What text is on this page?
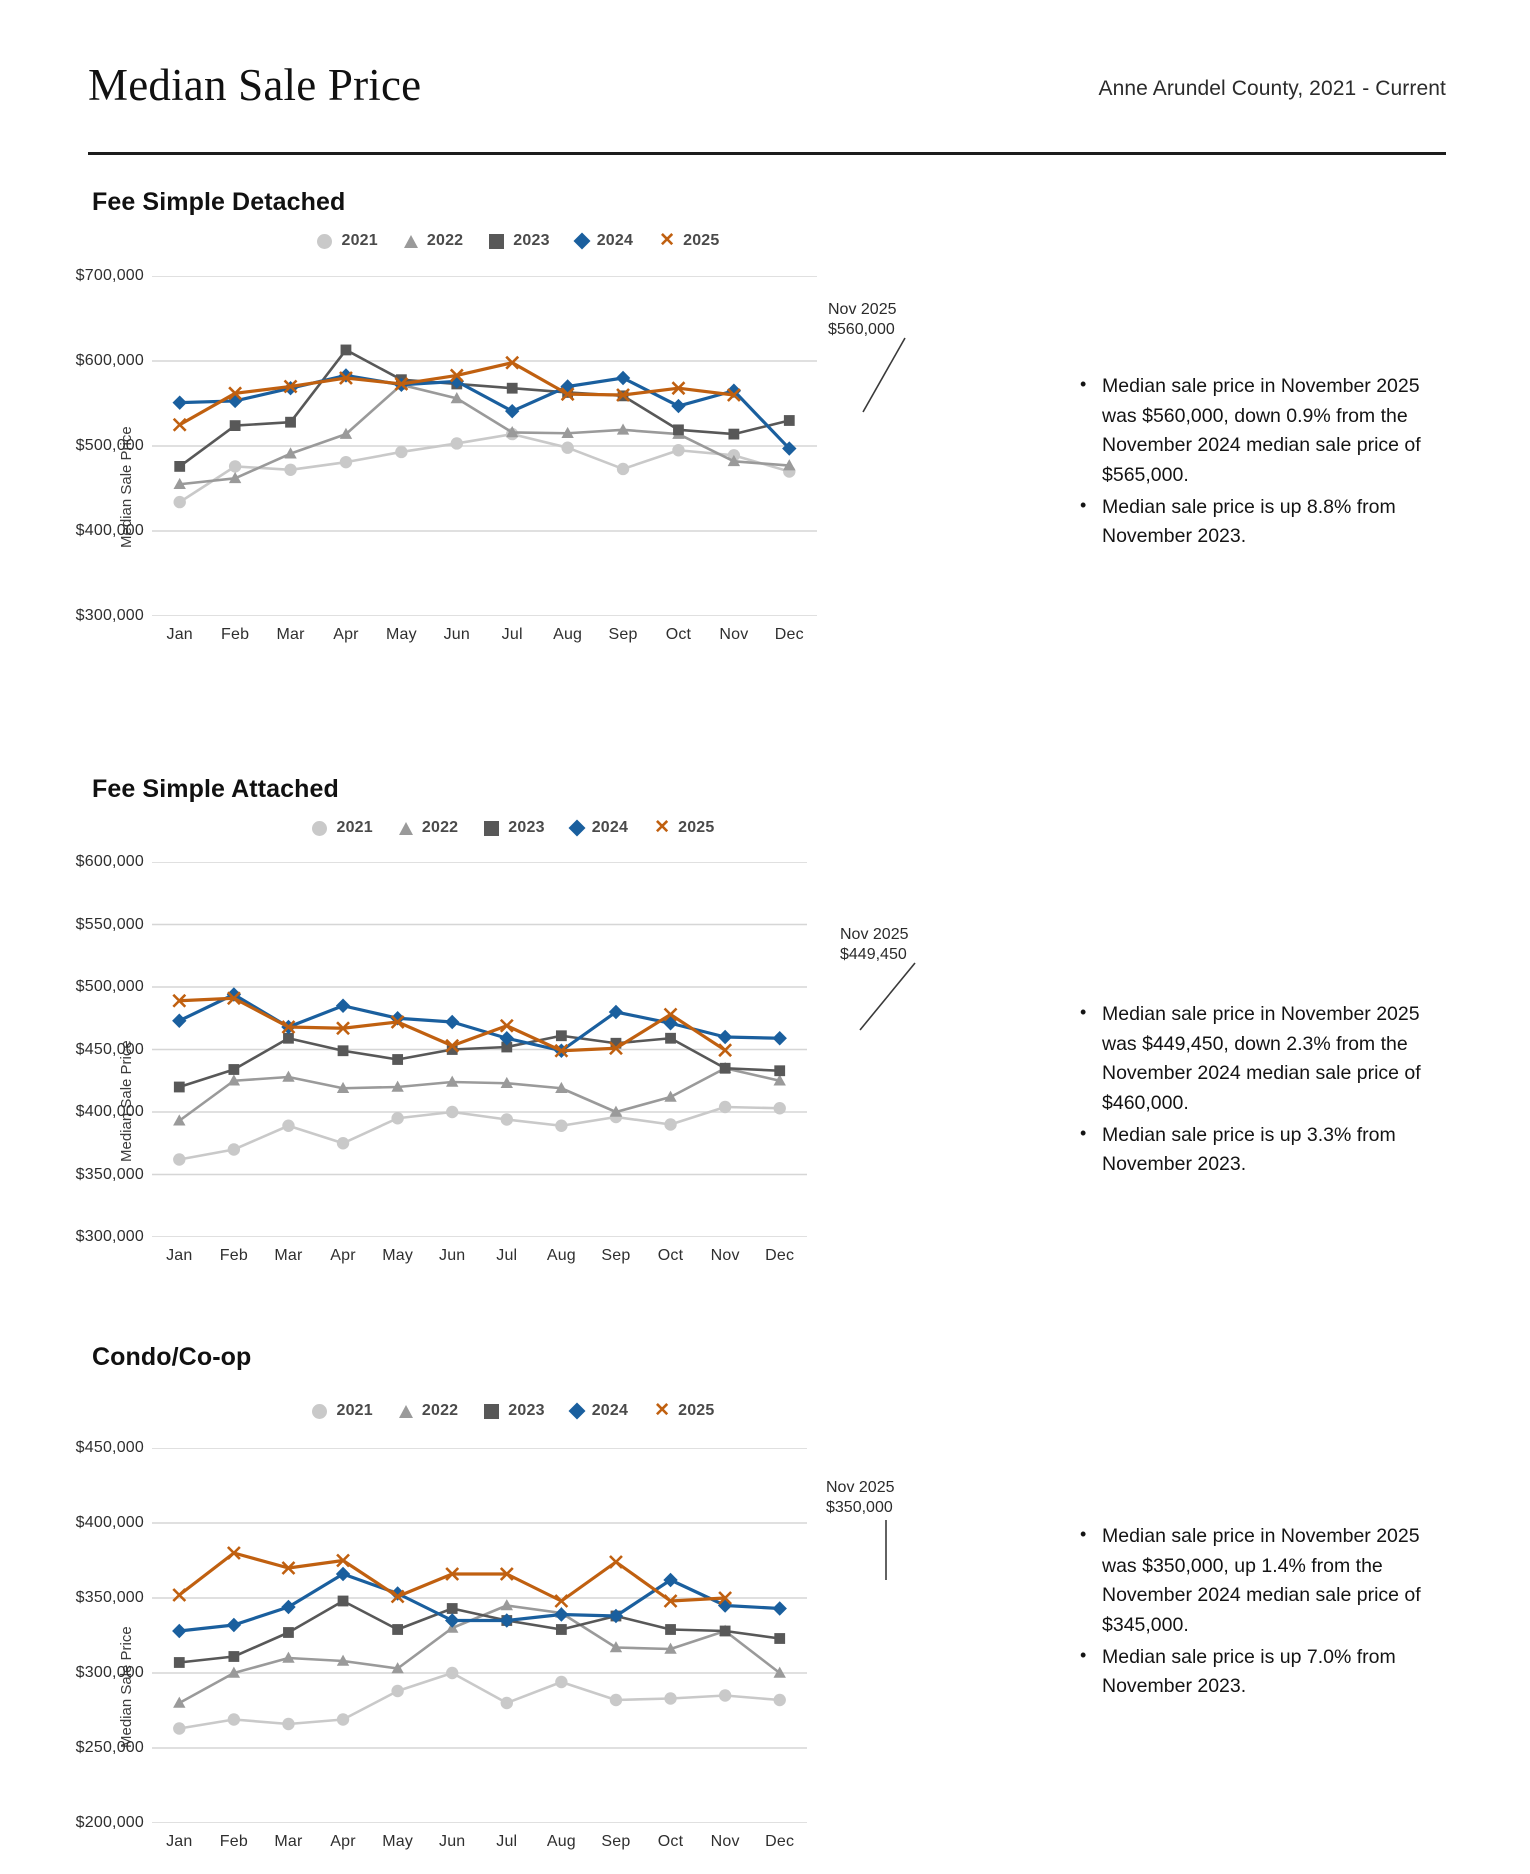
Median Sale Price	Anne Arundel County, 2021 - Current
Fee Simple Detached
2021	2022	2023	2024 ✕ 2025
Median Sale Price
$300,000
$400,000
$500,000
$600,000
$700,000
Jan Feb Mar Apr May Jun Jul Aug Sep Oct Nov Dec
Nov 2025
$560,000
• Median sale price in November 2025 was $560,000, down 0.9% from the November 2024 median sale price of $565,000.
• Median sale price is up 8.8% from November 2023.
Fee Simple Attached
2021	2022	2023	2024 ✕ 2025
Median Sale Price
$300,000
$350,000
$400,000
$450,000
$500,000
$550,000
$600,000
Jan Feb Mar Apr May Jun Jul Aug Sep Oct Nov Dec
Nov 2025
$449,450
• Median sale price in November 2025 was $449,450, down 2.3% from the November 2024 median sale price of $460,000.
• Median sale price is up 3.3% from November 2023.
Condo/Co-op
2021	2022	2023	2024 ✕ 2025
Median Sale Price
$200,000
$250,000
$300,000
$350,000
$400,000
$450,000
Jan Feb Mar Apr May Jun Jul Aug Sep Oct Nov Dec
Nov 2025
$350,000
• Median sale price in November 2025 was $350,000, up 1.4% from the November 2024 median sale price of $345,000.
• Median sale price is up 7.0% from November 2023.
